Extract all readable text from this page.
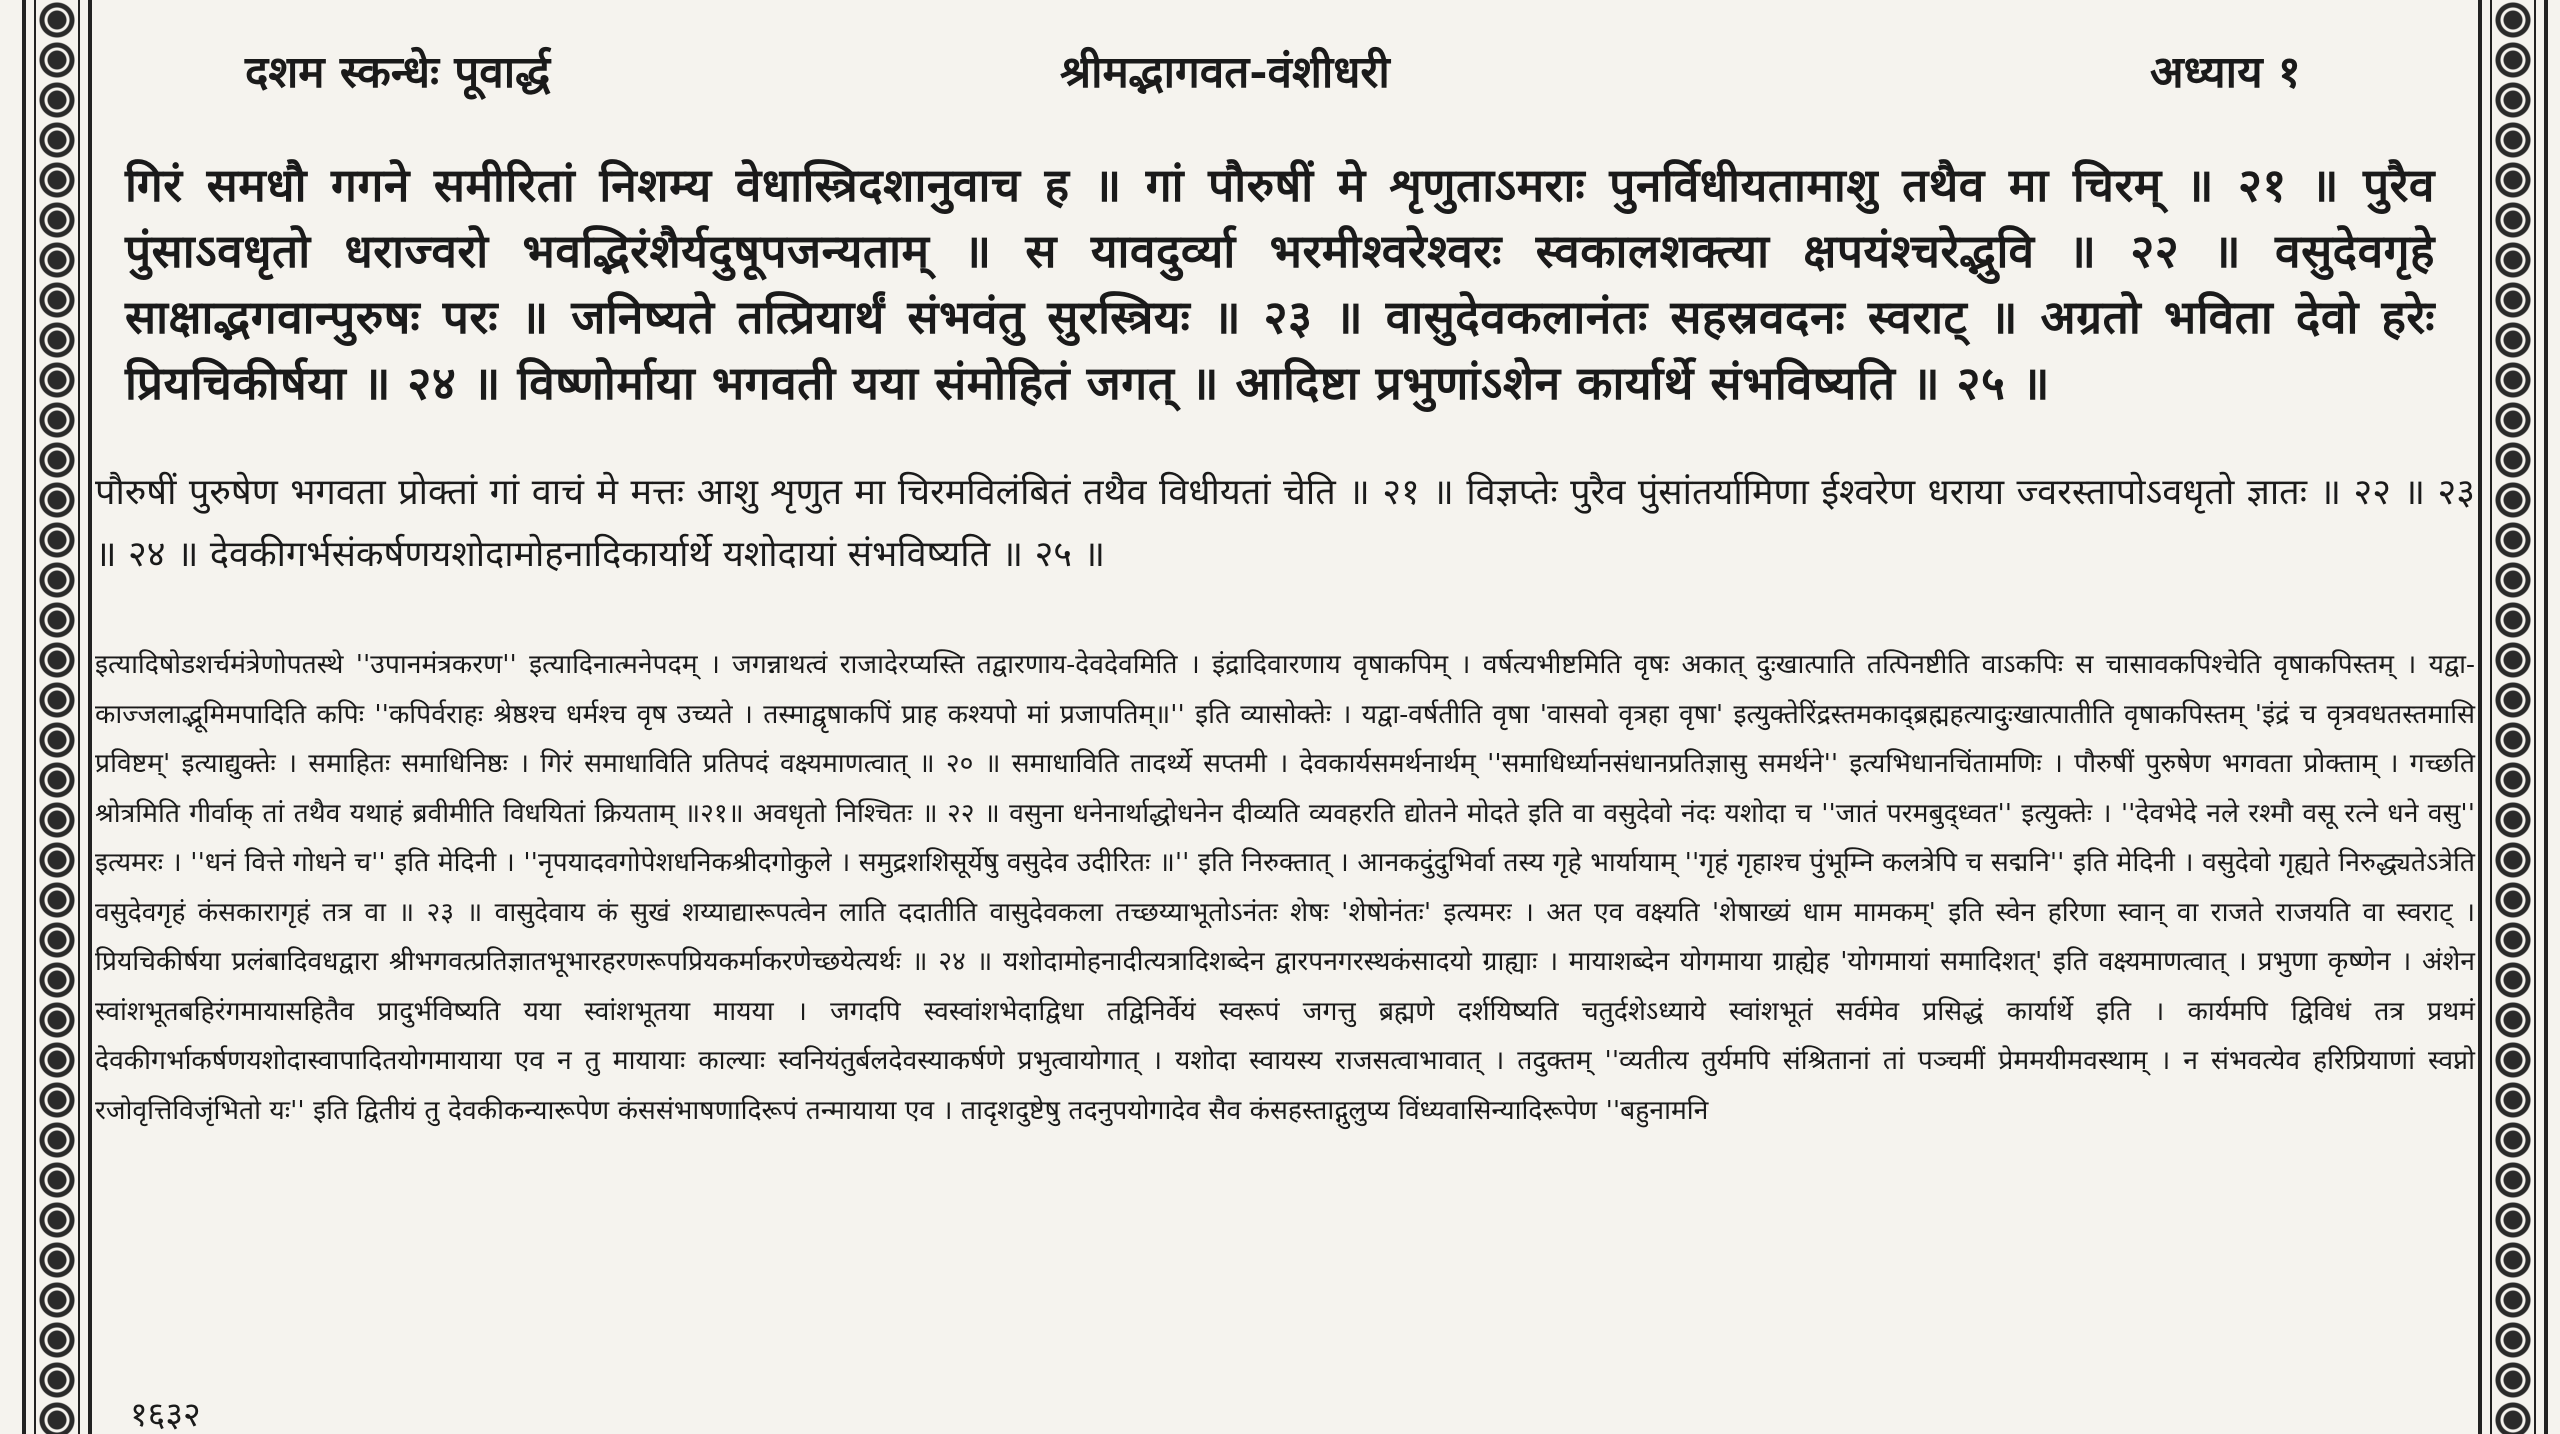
दशम स्कन्धेः पूवार्द्ध	श्रीमद्भागवत-वंशीधरी	अध्याय १
गिरं समधौ गगने समीरितां निशम्य वेधास्त्रिदशानुवाच ह ॥ गां पौरुषीं मे शृणुताऽमराः पुनर्विधीयतामाशु तथैव मा चिरम् ॥ २१ ॥ पुरैव पुंसाऽवधृतो धराज्वरो भवद्भिरंशैर्यदुषूपजन्यताम् ॥ स यावदुर्व्या भरमीश्वरेश्वरः स्वकालशक्त्या क्षपयंश्चरेद्भुवि ॥ २२ ॥ वसुदेवगृहे साक्षाद्भगवान्पुरुषः परः ॥ जनिष्यते तत्प्रियार्थं संभवंतु सुरस्त्रियः ॥ २३ ॥ वासुदेवकलानंतः सहस्रवदनः स्वराट् ॥ अग्रतो भविता देवो हरेः प्रियचिकीर्षया ॥ २४ ॥ विष्णोर्माया भगवती यया संमोहितं जगत् ॥ आदिष्टा प्रभुणांऽशेन कार्यार्थे संभविष्यति ॥ २५ ॥
पौरुषीं पुरुषेण भगवता प्रोक्तां गां वाचं मे मत्तः आशु शृणुत मा चिरमविलंबितं तथैव विधीयतां चेति ॥ २१ ॥ विज्ञप्तेः पुरैव पुंसांतर्यामिणा ईश्वरेण धराया ज्वरस्तापोऽवधृतो ज्ञातः ॥ २२ ॥ २३ ॥ २४ ॥ देवकीगर्भसंकर्षणयशोदामोहनादिकार्यार्थे यशोदायां संभविष्यति ॥ २५ ॥
इत्यादिषोडशर्चमंत्रेणोपतस्थे ''उपानमंत्रकरण'' इत्यादिनात्मनेपदम् । जगन्नाथत्वं राजादेरप्यस्ति तद्वारणाय-देवदेवमिति । इंद्रादिवारणाय वृषाकपिम् । वर्षत्यभीष्टमिति वृषः अकात् दुःखात्पाति तत्पिनष्टीति वाऽकपिः स चासावकपिश्चेति वृषाकपिस्तम् । यद्वा-काज्जलाद्भूमिमपादिति कपिः ''कपिर्वराहः श्रेष्ठश्च धर्मश्च वृष उच्यते । तस्माद्वृषाकपिं प्राह कश्यपो मां प्रजापतिम्॥'' इति व्यासोक्तेः । यद्वा-वर्षतीति वृषा 'वासवो वृत्रहा वृषा' इत्युक्तेरिंद्रस्तमकाद्ब्रह्महत्यादुःखात्पातीति वृषाकपिस्तम् 'इंद्रं च वृत्रवधतस्तमासि प्रविष्टम्' इत्याद्युक्तेः । समाहितः समाधिनिष्ठः । गिरं समाधाविति प्रतिपदं वक्ष्यमाणत्वात् ॥ २० ॥ समाधाविति तादर्थ्ये सप्तमी । देवकार्यसमर्थनार्थम् ''समाधिर्ध्यानसंधानप्रतिज्ञासु समर्थने'' इत्यभिधानचिंतामणिः । पौरुषीं पुरुषेण भगवता प्रोक्ताम् । गच्छति श्रोत्रमिति गीर्वाक् तां तथैव यथाहं ब्रवीमीति विधयितां क्रियताम् ॥२१॥ अवधृतो निश्चितः ॥ २२ ॥ वसुना धनेनार्थाद्धोधनेन दीव्यति व्यवहरति द्योतने मोदते इति वा वसुदेवो नंदः यशोदा च ''जातं परमबुद्ध्वत'' इत्युक्तेः । ''देवभेदे नले रश्मौ वसू रत्ने धने वसु'' इत्यमरः । ''धनं वित्ते गोधने च'' इति मेदिनी । ''नृपयादवगोपेशधनिकश्रीदगोकुले । समुद्रशशिसूर्येषु वसुदेव उदीरितः ॥'' इति निरुक्तात् । आनकदुंदुभिर्वा तस्य गृहे भार्यायाम् ''गृहं गृहाश्च पुंभूम्नि कलत्रेपि च सद्मनि'' इति मेदिनी । वसुदेवो गृह्यते निरुद्ध्यतेऽत्रेति वसुदेवगृहं कंसकारागृहं तत्र वा ॥ २३ ॥ वासुदेवाय कं सुखं शय्याद्यारूपत्वेन लाति ददातीति वासुदेवकला तच्छय्याभूतोऽनंतः शेषः 'शेषोनंतः' इत्यमरः । अत एव वक्ष्यति 'शेषाख्यं धाम मामकम्' इति स्वेन हरिणा स्वान् वा राजते राजयति वा स्वराट् । प्रियचिकीर्षया प्रलंबादिवधद्वारा श्रीभगवत्प्रतिज्ञातभूभारहरणरूपप्रियकर्माकरणेच्छयेत्यर्थः ॥ २४ ॥ यशोदामोहनादीत्यत्रादिशब्देन द्वारपनगरस्थकंसादयो ग्राह्याः । मायाशब्देन योगमाया ग्राह्येह 'योगमायां समादिशत्' इति वक्ष्यमाणत्वात् । प्रभुणा कृष्णेन । अंशेन स्वांशभूतबहिरंगमायासहितैव प्रादुर्भविष्यति यया स्वांशभूतया मायया । जगदपि स्वस्वांशभेदाद्विधा तद्विनिर्वेयं स्वरूपं जगत्तु ब्रह्मणे दर्शयिष्यति चतुर्दशेऽध्याये स्वांशभूतं सर्वमेव प्रसिद्धं कार्यार्थे इति । कार्यमपि द्विविधं तत्र प्रथमं देवकीगर्भाकर्षणयशोदास्वापादितयोगमायाया एव न तु मायायाः काल्याः स्वनियंतुर्बलदेवस्याकर्षणे प्रभुत्वायोगात् । यशोदा स्वायस्य राजसत्वाभावात् । तदुक्तम् ''व्यतीत्य तुर्यमपि संश्रितानां तां पञ्चमीं प्रेममयीमवस्थाम् । न संभवत्येव हरिप्रियाणां स्वप्नो रजोवृत्तिविजृंभितो यः'' इति द्वितीयं तु देवकीकन्यारूपेण कंससंभाषणादिरूपं तन्मायाया एव । तादृशदुष्टेषु तदनुपयोगादेव सैव कंसहस्ताद्गुलुप्य विंध्यवासिन्यादिरूपेण ''बहुनामनि
१६३२
